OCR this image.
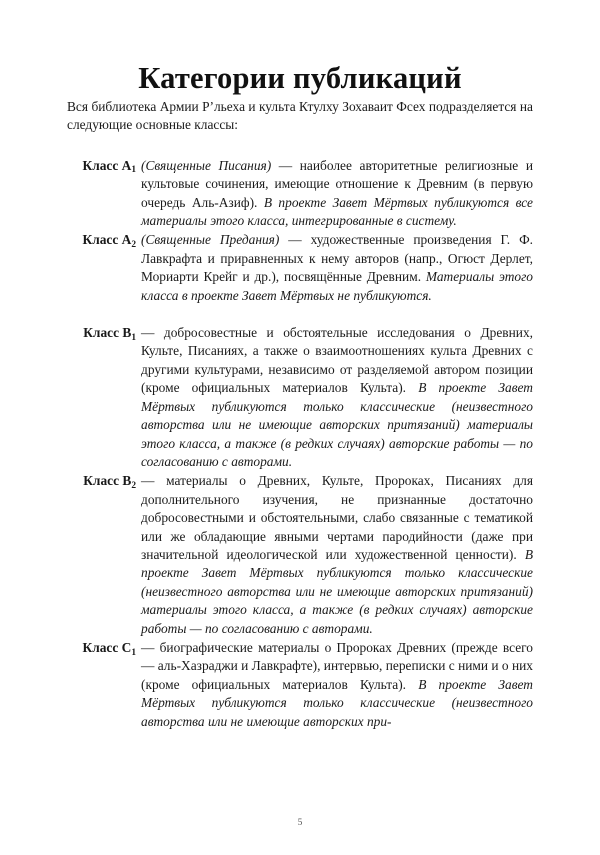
Категории публикаций

Вся библиотека Армии Р’льеха и культа Ктулху Зохаваит Фсех подразделяется на следующие основные классы:

Класс $A_1$ (Священные Писания) — наиболее авторитетные религиозные и культовые сочинения, имеющие отношение к Древним (в первую очередь Аль-Азиф). В проекте Завет Мёртвых публикуются все материалы этого класса, интегрированные в систему.
Класс $A_2$ (Священные Предания) — художественные произведения Г. Ф. Лавкрафта и приравненных к нему авторов (напр., Огюст Дерлет, Мориарти Крейг и др.), посвящённые Древним. Материалы этого класса в проекте Завет Мёртвых не публикуются.
Класс $B_1$ — добросовестные и обстоятельные исследования о Древних, Культе, Писаниях, а также о взаимоотношениях культа Древних с другими культурами, независимо от разделяемой автором позиции (кроме официальных материалов Культа). В проекте Завет Мёртвых публикуются только классические (неизвестного авторства или не имеющие авторских притязаний) материалы этого класса, а также (в редких случаях) авторские работы — по согласованию с авторами.
Класс $B_2$ — материалы о Древних, Культе, Пророках, Писаниях для дополнительного изучения, не признанные достаточно добросовестными и обстоятельными, слабо связанные с тематикой или же обладающие явными чертами пародийности (даже при значительной идеологической или художественной ценности). В проекте Завет Мёртвых публикуются только классические (неизвестного авторства или не имеющие авторских притязаний) материалы этого класса, а также (в редких случаях) авторские работы — по согласованию с авторами.
Класс $C_1$ — биографические материалы о Пророках Древних (прежде всего — аль-Хазраджи и Лавкрафте), интервью, переписки с ними и о них (кроме официальных материалов Культа). В проекте Завет Мёртвых публикуются только классические (неизвестного авторства или не имеющие авторских при-
5
